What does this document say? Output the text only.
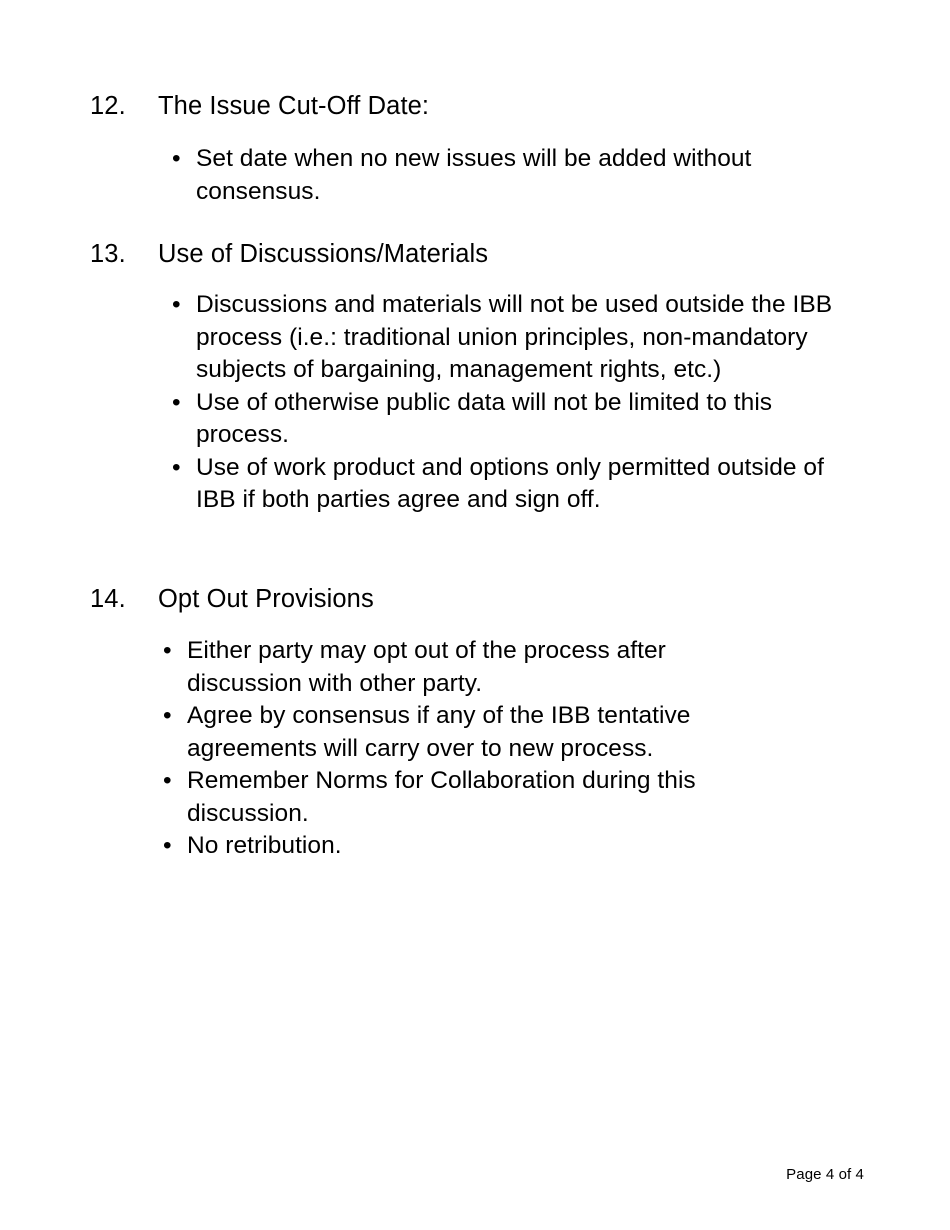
12.	The Issue Cut-Off Date:
• Set date when no new issues will be added without consensus.
13.	Use of Discussions/Materials
• Discussions and materials will not be used outside the IBB process (i.e.: traditional union principles, non-mandatory subjects of bargaining, management rights, etc.)
• Use of otherwise public data will not be limited to this process.
• Use of work product and options only permitted outside of IBB if both parties agree and sign off.
14.	Opt Out Provisions
• Either party may opt out of the process after discussion with other party.
• Agree by consensus if any of the IBB tentative agreements will carry over to new process.
• Remember Norms for Collaboration during this discussion.
• No retribution.
Page 4 of 4
